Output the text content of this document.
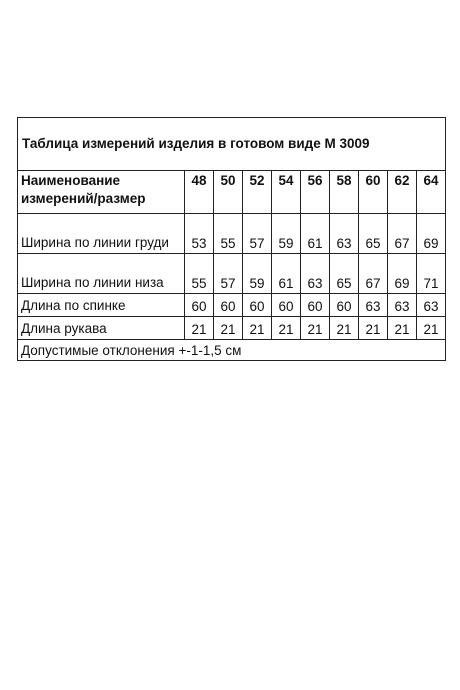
Таблица измерений изделия в готовом виде М 3009									
Наименование измерений/размер	48	50	52	54	56	58	60	62	64
Ширина по линии груди	53	55	57	59	61	63	65	67	69
Ширина по линии низа	55	57	59	61	63	65	67	69	71
Длина по спинке	60	60	60	60	60	60	63	63	63
Длина рукава	21	21	21	21	21	21	21	21	21
Допустимые отклонения +-1-1,5 см									
